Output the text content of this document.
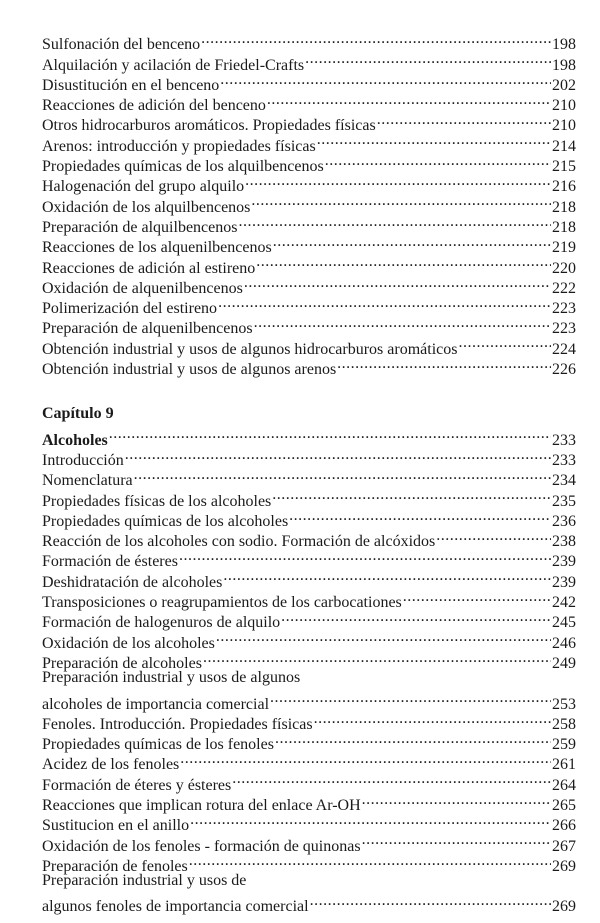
Sulfonación del benceno .....	198
Alquilación y acilación de Friedel-Crafts .....	198
Disustitución en el benceno .....	202
Reacciones de adición del benceno .....	210
Otros hidrocarburos aromáticos. Propiedades físicas .....	210
Arenos: introducción y propiedades físicas .....	214
Propiedades químicas de los alquilbencenos .....	215
Halogenación del grupo alquilo .....	216
Oxidación de los alquilbencenos .....	218
Preparación de alquilbencenos .....	218
Reacciones de los alquenilbencenos .....	219
Reacciones de adición al estireno .....	220
Oxidación de alquenilbencenos .....	222
Polimerización del estireno .....	223
Preparación de alquenilbencenos .....	223
Obtención industrial y usos de algunos hidrocarburos aromáticos .....	224
Obtención industrial y usos de algunos arenos .....	226
Capítulo 9
Alcoholes .....	233
Introducción .....	233
Nomenclatura .....	234
Propiedades físicas de los alcoholes .....	235
Propiedades químicas de los alcoholes .....	236
Reacción de los alcoholes con sodio. Formación de alcóxidos .....	238
Formación de ésteres .....	239
Deshidratación de alcoholes .....	239
Transposiciones o reagrupamientos de los carbocationes .....	242
Formación de halogenuros de alquilo .....	245
Oxidación de los alcoholes .....	246
Preparación de alcoholes .....	249
Preparación industrial y usos de algunos
alcoholes de importancia comercial .....	253
Fenoles. Introducción. Propiedades físicas .....	258
Propiedades químicas de los fenoles .....	259
Acidez de los fenoles .....	261
Formación de éteres y ésteres .....	264
Reacciones que implican rotura del enlace Ar-OH .....	265
Sustitucion en el anillo .....	266
Oxidación de los fenoles - formación de quinonas .....	267
Preparación de fenoles .....	269
Preparación industrial y usos de
algunos fenoles de importancia comercial .....	269
